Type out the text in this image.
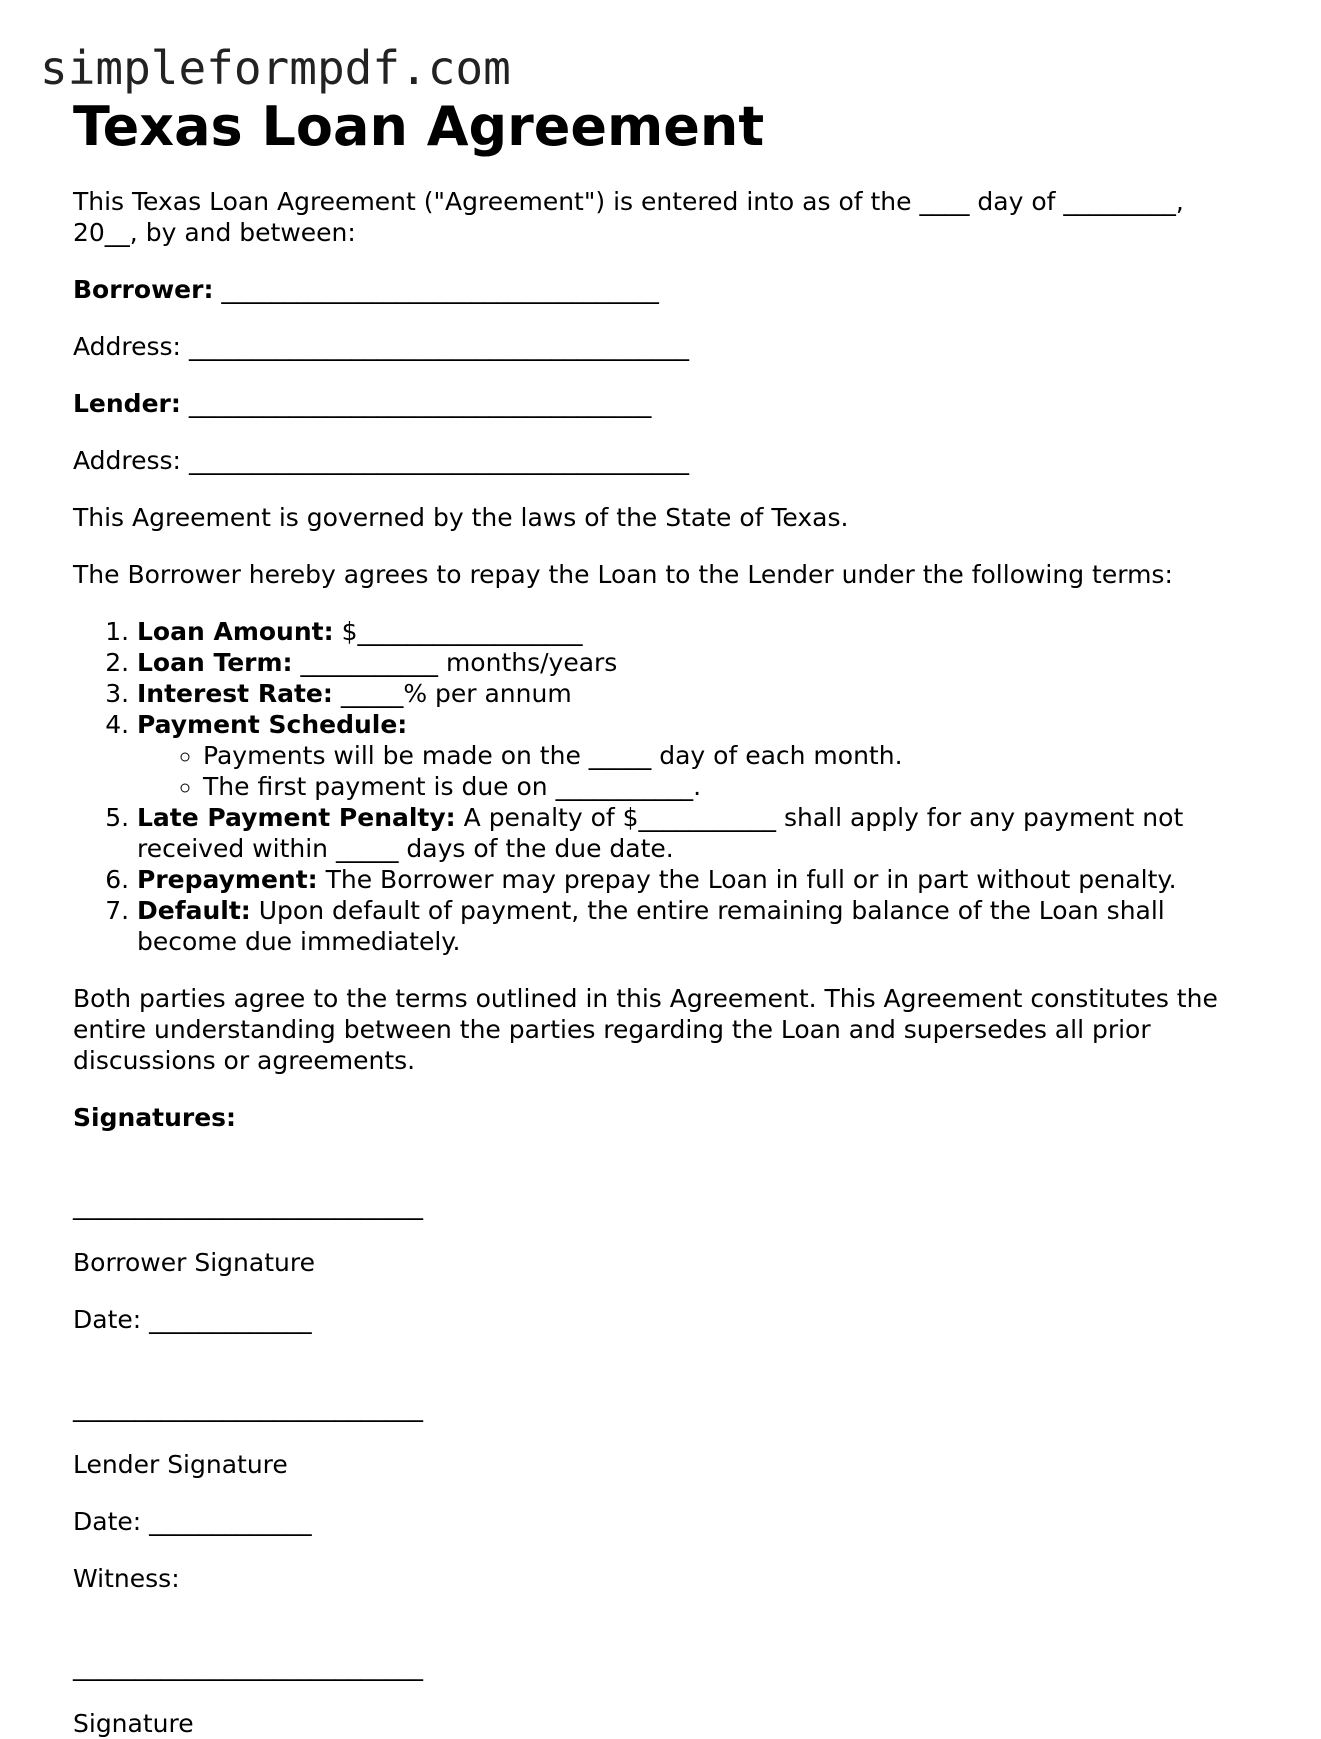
simpleformpdf.com
Texas Loan Agreement

This Texas Loan Agreement ("Agreement") is entered into as of the ____ day of _________, 20__, by and between:

Borrower: ___________________________________

Address: ________________________________________

Lender: _____________________________________

Address: ________________________________________

This Agreement is governed by the laws of the State of Texas.

The Borrower hereby agrees to repay the Loan to the Lender under the following terms:

1. Loan Amount: $__________________
2. Loan Term: ___________ months/years
3. Interest Rate: _____% per annum
4. Payment Schedule:
◦ Payments will be made on the _____ day of each month.
◦ The first payment is due on ___________.
5. Late Payment Penalty: A penalty of $___________ shall apply for any payment not received within _____ days of the due date.
6. Prepayment: The Borrower may prepay the Loan in full or in part without penalty.
7. Default: Upon default of payment, the entire remaining balance of the Loan shall become due immediately.

Both parties agree to the terms outlined in this Agreement. This Agreement constitutes the entire understanding between the parties regarding the Loan and supersedes all prior discussions or agreements.

Signatures:

____________________________

Borrower Signature

Date: _____________

____________________________

Lender Signature

Date: _____________

Witness:

____________________________

Signature
